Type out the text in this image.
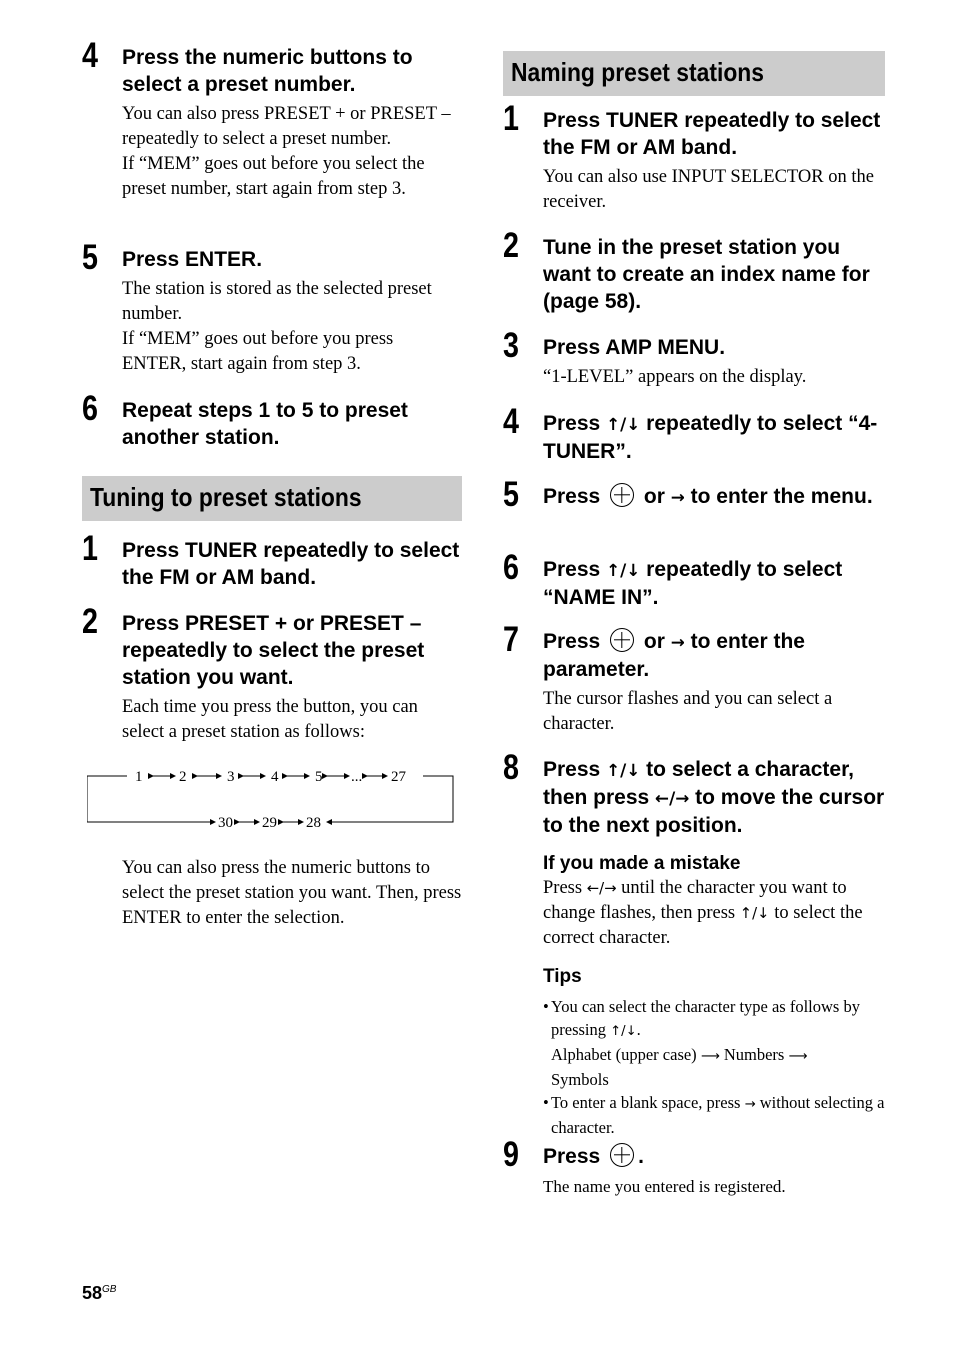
4 Press the numeric buttons to select a preset number.
You can also press PRESET + or PRESET – repeatedly to select a preset number.
If “MEM” goes out before you select the preset number, start again from step 3.
5 Press ENTER.
The station is stored as the selected preset number.
If “MEM” goes out before you press ENTER, start again from step 3.
6 Repeat steps 1 to 5 to preset another station.
Tuning to preset stations
1 Press TUNER repeatedly to select the FM or AM band.
2 Press PRESET + or PRESET – repeatedly to select the preset station you want.
Each time you press the button, you can select a preset station as follows:
1 2	3 4 5 ... 27
30 29 28
You can also press the numeric buttons to select the preset station you want. Then, press ENTER to enter the selection.
Naming preset stations
1 Press TUNER repeatedly to select the FM or AM band.
You can also use INPUT SELECTOR on the receiver.
2 Tune in the preset station you want to create an index name for (page 58).
3 Press AMP MENU.
“1-LEVEL” appears on the display.
4 Press ↑/↓ repeatedly to select “4-TUNER”.
5 Press  or → to enter the menu.
6 Press ↑/↓ repeatedly to select “NAME IN”.
7 Press  or → to enter the parameter.
The cursor flashes and you can select a character.
8 Press ↑/↓ to select a character, then press ←/→ to move the cursor to the next position.
If you made a mistake
Press ←/→ until the character you want to change flashes, then press ↑/↓ to select the correct character.
Tips
• You can select the character type as follows by pressing ↑/↓.
Alphabet (upper case) ⟶ Numbers ⟶
Symbols
• To enter a blank space, press → without selecting a character.
9 Press .
The name you entered is registered.
$58^{GB}$
